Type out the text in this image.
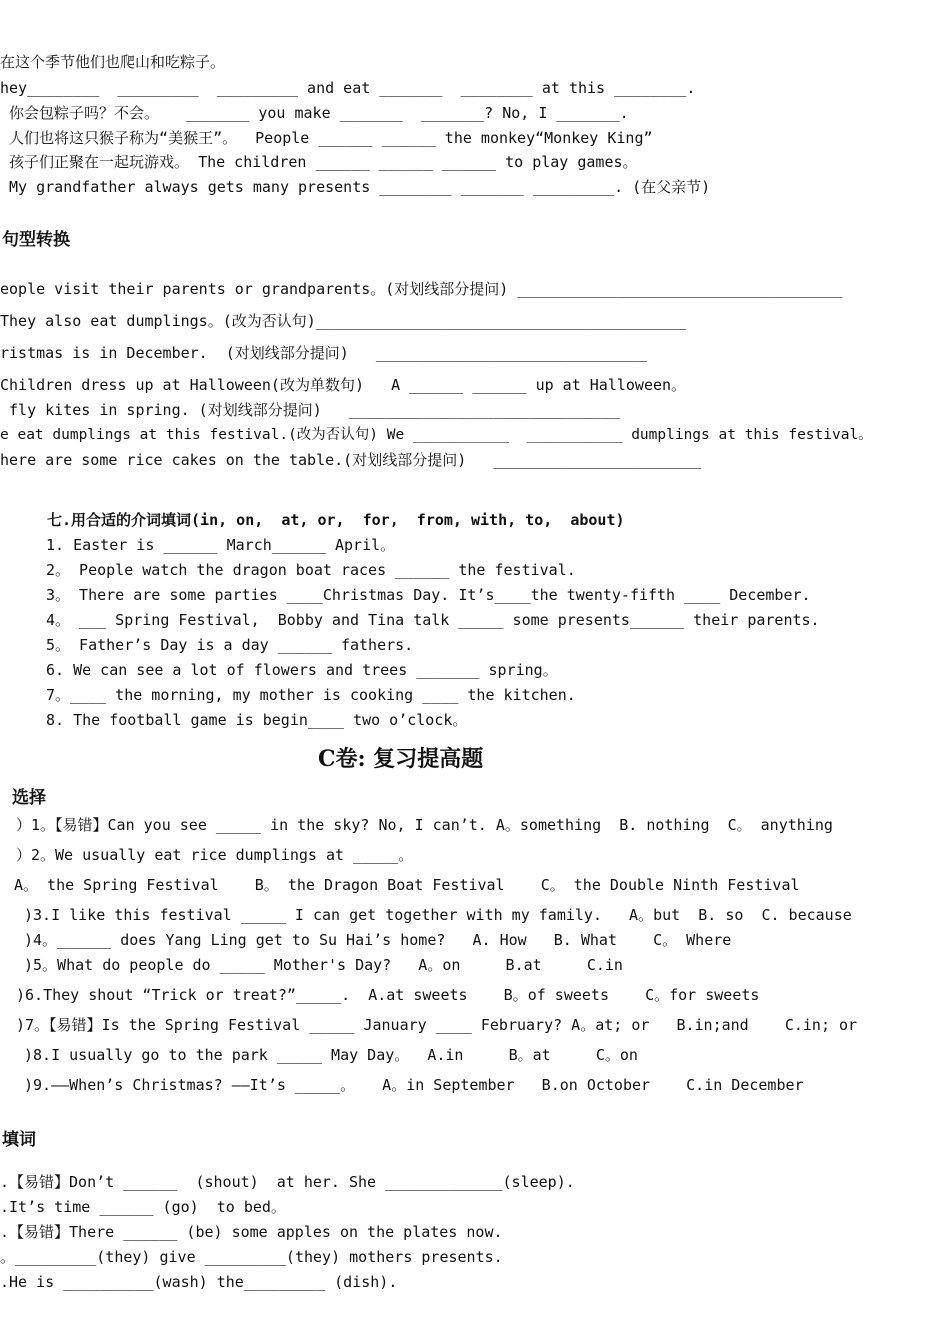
在这个季节他们也爬山和吃粽子。
hey________  _________  _________ and eat _______  ________ at this ________.
你会包粽子吗？不会。   _______ you make _______  _______? No, I _______.
人们也将这只猴子称为“美猴王”。  People ______ ______ the monkey“Monkey King”
孩子们正聚在一起玩游戏。 The children ______ ______ ______ to play games。
My grandfather always gets many presents ________ _______ _________. (在父亲节)
句型转换
eople visit their parents or grandparents。(对划线部分提问) ____________________________________
They also eat dumplings。(改为否认句)_________________________________________
ristmas is in December.  (对划线部分提问)   ______________________________
Children dress up at Halloween(改为单数句)   A ______ ______ up at Halloween。
fly kites in spring. (对划线部分提问)   ______________________________
e eat dumplings at this festival.(改为否认句) We ___________  ___________ dumplings at this festival。
here are some rice cakes on the table.(对划线部分提问)   _______________________
七.用合适的介词填词(in, on,  at, or,  for,  from, with, to,  about)
1. Easter is ______ March______ April。
2。 People watch the dragon boat races ______ the festival.
3。 There are some parties ____Christmas Day. It’s____the twenty-fifth ____ December.
4。 ___ Spring Festival,  Bobby and Tina talk _____ some presents______ their parents.
5。 Father’s Day is a day ______ fathers.
6. We can see a lot of flowers and trees _______ spring。
7。____ the morning, my mother is cooking ____ the kitchen.
8. The football game is begin____ two o’clock。
C卷: 复习提高题
选择
）1。【易错】Can you see _____ in the sky? No, I can’t. A。something  B. nothing  C。 anything
）2。We usually eat rice dumplings at _____。
A。 the Spring Festival    B。 the Dragon Boat Festival    C。 the Double Ninth Festival
)3.I like this festival _____ I can get together with my family.   A。but  B. so  C. because
)4。______ does Yang Ling get to Su Hai’s home?   A. How   B. What    C。 Where
)5。What do people do _____ Mother's Day?   A。on     B.at     C.in
)6.They shout “Trick or treat?”_____.  A.at sweets    B。of sweets    C。for sweets
)7。【易错】Is the Spring Festival _____ January ____ February? A。at; or   B.in;and    C.in; or
)8.I usually go to the park _____ May Day。  A.in     B。at     C。on
)9.——When’s Christmas? ——It’s _____。   A。in September   B.on October    C.in December
填词
.【易错】Don’t ______  (shout)  at her. She _____________(sleep).
.It’s time ______ (go)  to bed。
.【易错】There ______ (be) some apples on the plates now.
。_________(they) give _________(they) mothers presents.
.He is __________(wash) the_________ (dish).
